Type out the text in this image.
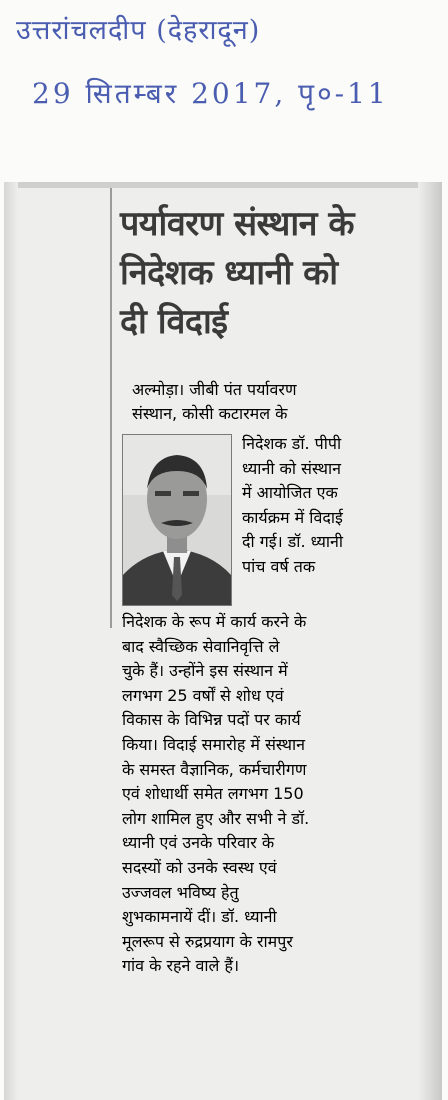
उत्तरांचलदीप (देहरादून)
29 सितम्बर 2017, पृ०-11
पर्यावरण संस्थान के
निदेशक ध्यानी को
दी विदाई

अल्मोड़ा। जीबी पंत पर्यावरण
संस्थान, कोसी कटारमल के

निदेशक डॉ. पीपी
ध्यानी को संस्थान
में आयोजित एक
कार्यक्रम में विदाई
दी गई। डॉ. ध्यानी
पांच वर्ष तक
निदेशक के रूप में कार्य करने के
बाद स्वैच्छिक सेवानिवृत्ति ले
चुके हैं। उन्होंने इस संस्थान में
लगभग 25 वर्षों से शोध एवं
विकास के विभिन्न पदों पर कार्य
किया। विदाई समारोह में संस्थान
के समस्त वैज्ञानिक, कर्मचारीगण
एवं शोधार्थी समेत लगभग 150
लोग शामिल हुए और सभी ने डॉ.
ध्यानी एवं उनके परिवार के
सदस्यों को उनके स्वस्थ एवं
उज्जवल भविष्य हेतु
शुभकामनायें दीं। डॉ. ध्यानी
मूलरूप से रुद्रप्रयाग के रामपुर
गांव के रहने वाले हैं।
